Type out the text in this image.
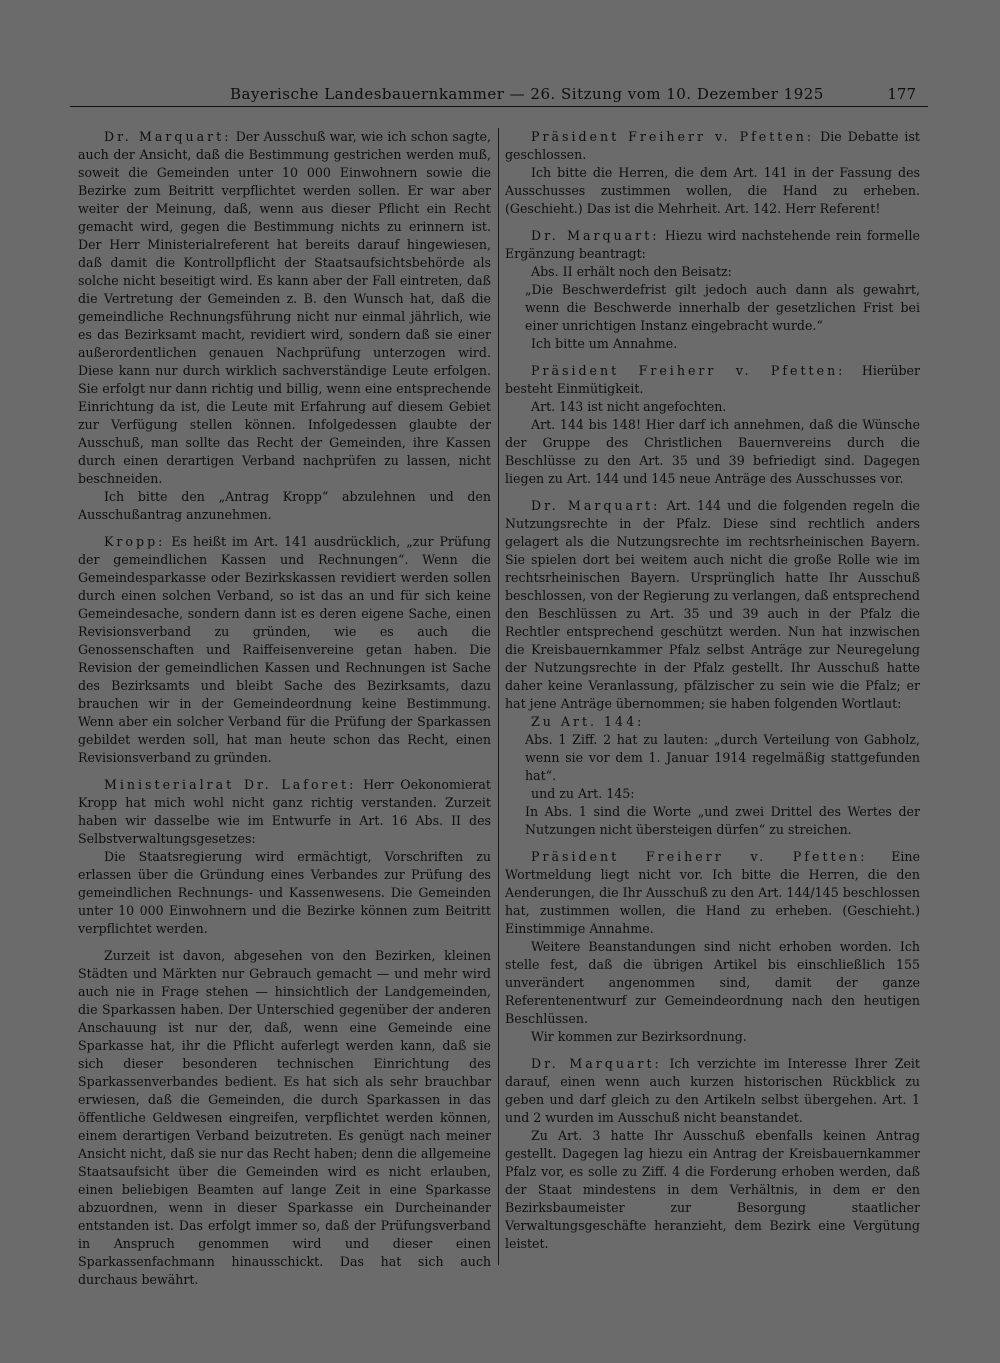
Bayerische Landesbauernkammer — 26. Sitzung vom 10. Dezember 1925	177

Dr. Marquart: Der Ausschuß war, wie ich schon sagte, auch der Ansicht, daß die Bestimmung gestrichen werden muß, soweit die Gemeinden unter 10 000 Einwohnern sowie die Bezirke zum Beitritt verpflichtet werden sollen. Er war aber weiter der Meinung, daß, wenn aus dieser Pflicht ein Recht gemacht wird, gegen die Bestimmung nichts zu erinnern ist. Der Herr Ministerialreferent hat bereits darauf hingewiesen, daß damit die Kontrollpflicht der Staatsaufsichtsbehörde als solche nicht beseitigt wird. Es kann aber der Fall eintreten, daß die Vertretung der Gemeinden z. B. den Wunsch hat, daß die gemeindliche Rechnungsführung nicht nur einmal jährlich, wie es das Bezirksamt macht, revidiert wird, sondern daß sie einer außerordentlichen genauen Nachprüfung unterzogen wird. Diese kann nur durch wirklich sachverständige Leute erfolgen. Sie erfolgt nur dann richtig und billig, wenn eine entsprechende Einrichtung da ist, die Leute mit Erfahrung auf diesem Gebiet zur Verfügung stellen können. Infolgedessen glaubte der Ausschuß, man sollte das Recht der Gemeinden, ihre Kassen durch einen derartigen Verband nachprüfen zu lassen, nicht beschneiden.

Ich bitte den „Antrag Kropp“ abzulehnen und den Ausschußantrag anzunehmen.

Kropp: Es heißt im Art. 141 ausdrücklich, „zur Prüfung der gemeindlichen Kassen und Rechnungen“. Wenn die Gemeindesparkasse oder Bezirkskassen revidiert werden sollen durch einen solchen Verband, so ist das an und für sich keine Gemeindesache, sondern dann ist es deren eigene Sache, einen Revisionsverband zu gründen, wie es auch die Genossenschaften und Raiffeisenvereine getan haben. Die Revision der gemeindlichen Kassen und Rechnungen ist Sache des Bezirksamts und bleibt Sache des Bezirksamts, dazu brauchen wir in der Gemeindeordnung keine Bestimmung. Wenn aber ein solcher Verband für die Prüfung der Sparkassen gebildet werden soll, hat man heute schon das Recht, einen Revisionsverband zu gründen.

Ministerialrat Dr. Laforet: Herr Oekonomierat Kropp hat mich wohl nicht ganz richtig verstanden. Zurzeit haben wir dasselbe wie im Entwurfe in Art. 16 Abs. II des Selbstverwaltungsgesetzes:

Die Staatsregierung wird ermächtigt, Vorschriften zu erlassen über die Gründung eines Verbandes zur Prüfung des gemeindlichen Rechnungs- und Kassenwesens. Die Gemeinden unter 10 000 Einwohnern und die Bezirke können zum Beitritt verpflichtet werden.

Zurzeit ist davon, abgesehen von den Bezirken, kleinen Städten und Märkten nur Gebrauch gemacht — und mehr wird auch nie in Frage stehen — hinsichtlich der Landgemeinden, die Sparkassen haben. Der Unterschied gegenüber der anderen Anschauung ist nur der, daß, wenn eine Gemeinde eine Sparkasse hat, ihr die Pflicht auferlegt werden kann, daß sie sich dieser besonderen technischen Einrichtung des Sparkassenverbandes bedient. Es hat sich als sehr brauchbar erwiesen, daß die Gemeinden, die durch Sparkassen in das öffentliche Geldwesen eingreifen, verpflichtet werden können, einem derartigen Verband beizutreten. Es genügt nach meiner Ansicht nicht, daß sie nur das Recht haben; denn die allgemeine Staatsaufsicht über die Gemeinden wird es nicht erlauben, einen beliebigen Beamten auf lange Zeit in eine Sparkasse abzuordnen, wenn in dieser Sparkasse ein Durcheinander entstanden ist. Das erfolgt immer so, daß der Prüfungsverband in Anspruch genommen wird und dieser einen Sparkassenfachmann hinausschickt. Das hat sich auch durchaus bewährt.

Präsident Freiherr v. Pfetten: Die Debatte ist geschlossen.

Ich bitte die Herren, die dem Art. 141 in der Fassung des Ausschusses zustimmen wollen, die Hand zu erheben. (Geschieht.) Das ist die Mehrheit. Art. 142. Herr Referent!

Dr. Marquart: Hiezu wird nachstehende rein formelle Ergänzung beantragt:

Abs. II erhält noch den Beisatz:

„Die Beschwerdefrist gilt jedoch auch dann als gewahrt, wenn die Beschwerde innerhalb der gesetzlichen Frist bei einer unrichtigen Instanz eingebracht wurde.“

Ich bitte um Annahme.

Präsident Freiherr v. Pfetten: Hierüber besteht Einmütigkeit.

Art. 143 ist nicht angefochten.

Art. 144 bis 148! Hier darf ich annehmen, daß die Wünsche der Gruppe des Christlichen Bauernvereins durch die Beschlüsse zu den Art. 35 und 39 befriedigt sind. Dagegen liegen zu Art. 144 und 145 neue Anträge des Ausschusses vor.

Dr. Marquart: Art. 144 und die folgenden regeln die Nutzungsrechte in der Pfalz. Diese sind rechtlich anders gelagert als die Nutzungsrechte im rechtsrheinischen Bayern. Sie spielen dort bei weitem auch nicht die große Rolle wie im rechtsrheinischen Bayern. Ursprünglich hatte Ihr Ausschuß beschlossen, von der Regierung zu verlangen, daß entsprechend den Beschlüssen zu Art. 35 und 39 auch in der Pfalz die Rechtler entsprechend geschützt werden. Nun hat inzwischen die Kreisbauernkammer Pfalz selbst Anträge zur Neuregelung der Nutzungsrechte in der Pfalz gestellt. Ihr Ausschuß hatte daher keine Veranlassung, pfälzischer zu sein wie die Pfalz; er hat jene Anträge übernommen; sie haben folgenden Wortlaut:

Zu Art. 144:

Abs. 1 Ziff. 2 hat zu lauten: „durch Verteilung von Gabholz, wenn sie vor dem 1. Januar 1914 regelmäßig stattgefunden hat“.

und zu Art. 145:

In Abs. 1 sind die Worte „und zwei Drittel des Wertes der Nutzungen nicht übersteigen dürfen“ zu streichen.

Präsident Freiherr v. Pfetten: Eine Wortmeldung liegt nicht vor. Ich bitte die Herren, die den Aenderungen, die Ihr Ausschuß zu den Art. 144/145 beschlossen hat, zustimmen wollen, die Hand zu erheben. (Geschieht.) Einstimmige Annahme.

Weitere Beanstandungen sind nicht erhoben worden. Ich stelle fest, daß die übrigen Artikel bis einschließlich 155 unverändert angenommen sind, damit der ganze Referentenentwurf zur Gemeindeordnung nach den heutigen Beschlüssen.

Wir kommen zur Bezirksordnung.

Dr. Marquart: Ich verzichte im Interesse Ihrer Zeit darauf, einen wenn auch kurzen historischen Rückblick zu geben und darf gleich zu den Artikeln selbst übergehen. Art. 1 und 2 wurden im Ausschuß nicht beanstandet.

Zu Art. 3 hatte Ihr Ausschuß ebenfalls keinen Antrag gestellt. Dagegen lag hiezu ein Antrag der Kreisbauernkammer Pfalz vor, es solle zu Ziff. 4 die Forderung erhoben werden, daß der Staat mindestens in dem Verhältnis, in dem er den Bezirksbaumeister zur Besorgung staatlicher Verwaltungsgeschäfte heranzieht, dem Bezirk eine Vergütung leistet.
